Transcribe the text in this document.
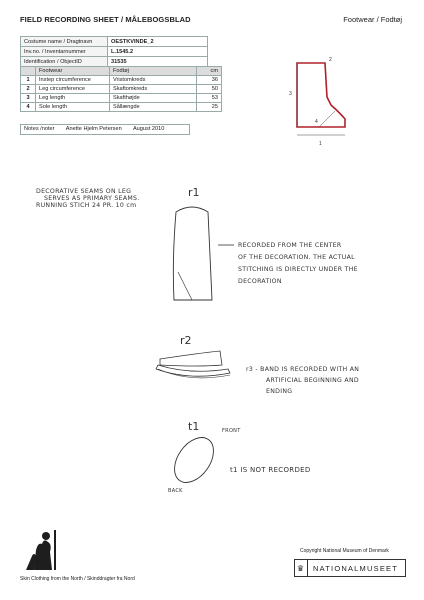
FIELD RECORDING SHEET / MÅLEBOGSBLAD	Footwear / Fodtøj
Costume name / Dragtnavn	OESTKVINDE_2
Inv.no. / Inventarnummer	L.1545.2
Identification / ObjectID	31535
	Footwear	Fodtøj	cm
1	Instep circumference	Vristomkreds	36
2	Leg circumference	Skaftomkreds	50
3	Leg length	Skafthøjde	53
4	Sole length	Sållængde	25
Notes /noter Anette Hjelm Petersen August 2010
2
3
4
1
DECORATIVE SEAMS ON LEG
SERVES AS PRIMARY SEAMS.
RUNNING STICH 24 PR. 10 cm
r1
RECORDED FROM THE CENTER
OF THE DECORATION. THE ACTUAL
STITCHING IS DIRECTLY UNDER THE
DECORATION
r2
r3 - BAND IS RECORDED WITH AN
ARTIFICIAL BEGINNING AND
ENDING
t1	FRONT
BACK
t1 IS NOT RECORDED
Skin Clothing from the North / Skinddragter fra Nord
Copyright National Museum of Denmark
♛	NATIONALMUSEET
